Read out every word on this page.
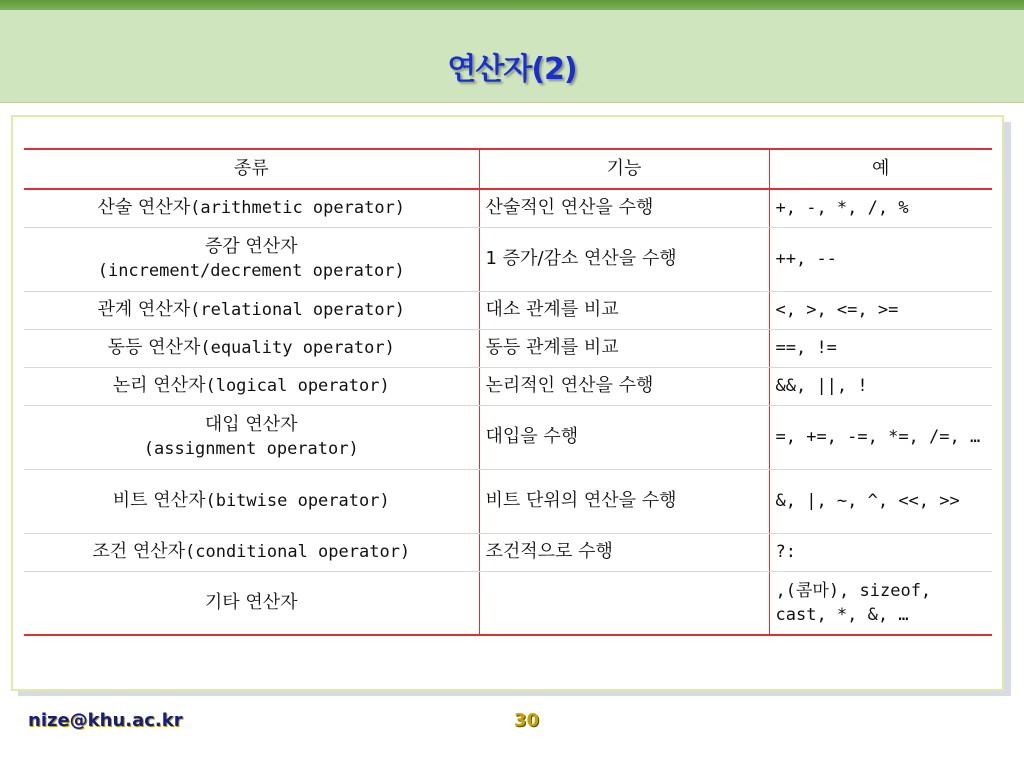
연산자(2)
종류	기능	예
산술 연산자(arithmetic operator)	산술적인 연산을 수행	+, -, *, /, %
증감 연산자
(increment/decrement operator)	1 증가/감소 연산을 수행	++, --
관계 연산자(relational operator)	대소 관계를 비교	<, >, <=, >=
동등 연산자(equality operator)	동등 관계를 비교	==, !=
논리 연산자(logical operator)	논리적인 연산을 수행	&&, ||, !
대입 연산자
(assignment operator)	대입을 수행	=, +=, -=, *=, /=, …
비트 연산자(bitwise operator)	비트 단위의 연산을 수행	&, |, ~, ^, <<, >>
조건 연산자(conditional operator)	조건적으로 수행	?:
기타 연산자		,(콤마), sizeof, cast, *, &, …
nize@khu.ac.kr	30
